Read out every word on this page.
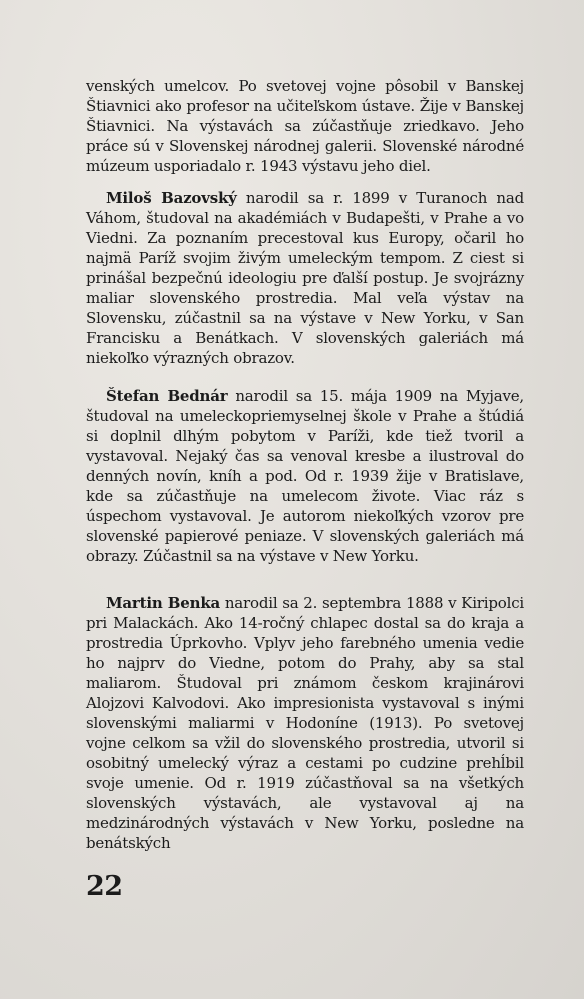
venských umelcov. Po svetovej vojne pôsobil v Banskej Štiavnici ako profesor na učiteľskom ústave. Žije v Banskej Štiavnici. Na výstavách sa zúčastňuje zriedkavo. Jeho práce sú v Slovenskej národnej galerii. Slovenské národné múzeum usporiadalo r. 1943 výstavu jeho diel.

Miloš Bazovský narodil sa r. 1899 v Turanoch nad Váhom, študoval na akadémiách v Budapešti, v Prahe a vo Viedni. Za poznaním precestoval kus Europy, očaril ho najmä Paríž svojim živým umeleckým tempom. Z ciest si prinášal bezpečnú ideologiu pre ďalší postup. Je svojrázny maliar slovenského prostredia. Mal veľa výstav na Slovensku, zúčastnil sa na výstave v New Yorku, v San Francisku a Benátkach. V slovenských galeriách má niekoľko výrazných obrazov.

Štefan Bednár narodil sa 15. mája 1909 na Myjave, študoval na umeleckopriemyselnej škole v Prahe a štúdiá si doplnil dlhým pobytom v Paríži, kde tiež tvoril a vystavoval. Nejaký čas sa venoval kresbe a ilustroval do denných novín, kníh a pod. Od r. 1939 žije v Bratislave, kde sa zúčastňuje na umelecom živote. Viac ráz s úspechom vystavoval. Je autorom niekoľkých vzorov pre slovenské papierové peniaze. V slovenských galeriách má obrazy. Zúčastnil sa na výstave v New Yorku.

Martin Benka narodil sa 2. septembra 1888 v Kiripolci pri Malackách. Ako 14-ročný chlapec dostal sa do kraja a prostredia Úprkovho. Vplyv jeho farebného umenia vedie ho najprv do Viedne, potom do Prahy, aby sa stal maliarom. Študoval pri známom českom krajinárovi Alojzovi Kalvodovi. Ako impresionista vystavoval s inými slovenskými maliarmi v Hodoníne (1913). Po svetovej vojne celkom sa vžil do slovenského prostredia, utvoril si osobitný umelecký výraz a cestami po cudzine prehĺbil svoje umenie. Od r. 1919 zúčastňoval sa na všetkých slovenských výstavách, ale vystavoval aj na medzinárodných výstavách v New Yorku, posledne na benátských

22
